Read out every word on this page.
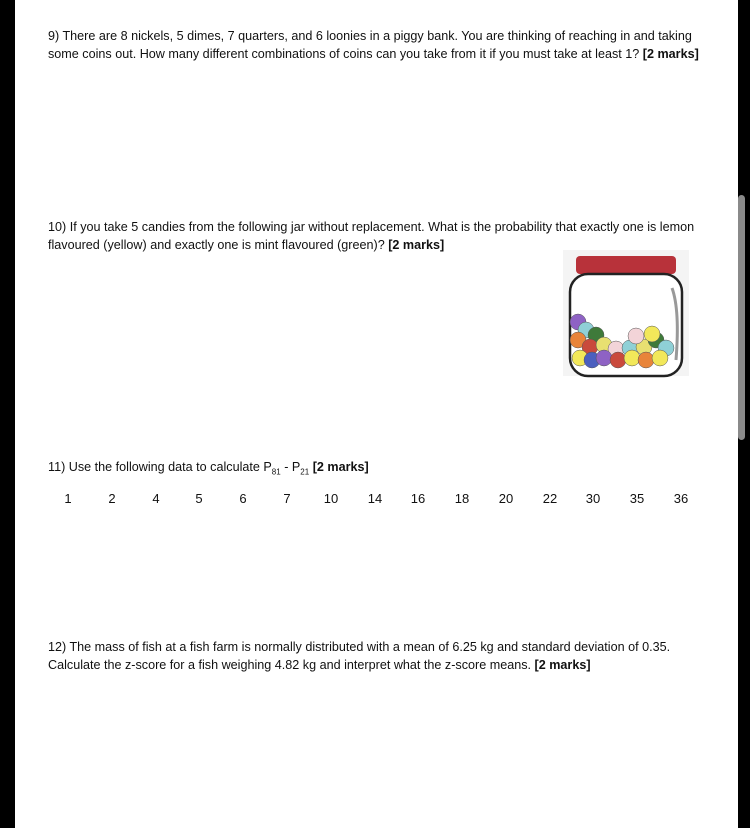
9) There are 8 nickels, 5 dimes, 7 quarters, and 6 loonies in a piggy bank. You are thinking of reaching in and taking some coins out. How many different combinations of coins can you take from it if you must take at least 1? [2 marks]
10) If you take 5 candies from the following jar without replacement. What is the probability that exactly one is lemon flavoured (yellow) and exactly one is mint flavoured (green)? [2 marks]
11) Use the following data to calculate $P_{81} - P_{21}$ [2 marks]
1	2	4	5	6	7	10 14 16 18 20 22 30 35 36
12) The mass of fish at a fish farm is normally distributed with a mean of 6.25 kg and standard deviation of 0.35. Calculate the z-score for a fish weighing 4.82 kg and interpret what the z-score means. [2 marks]
